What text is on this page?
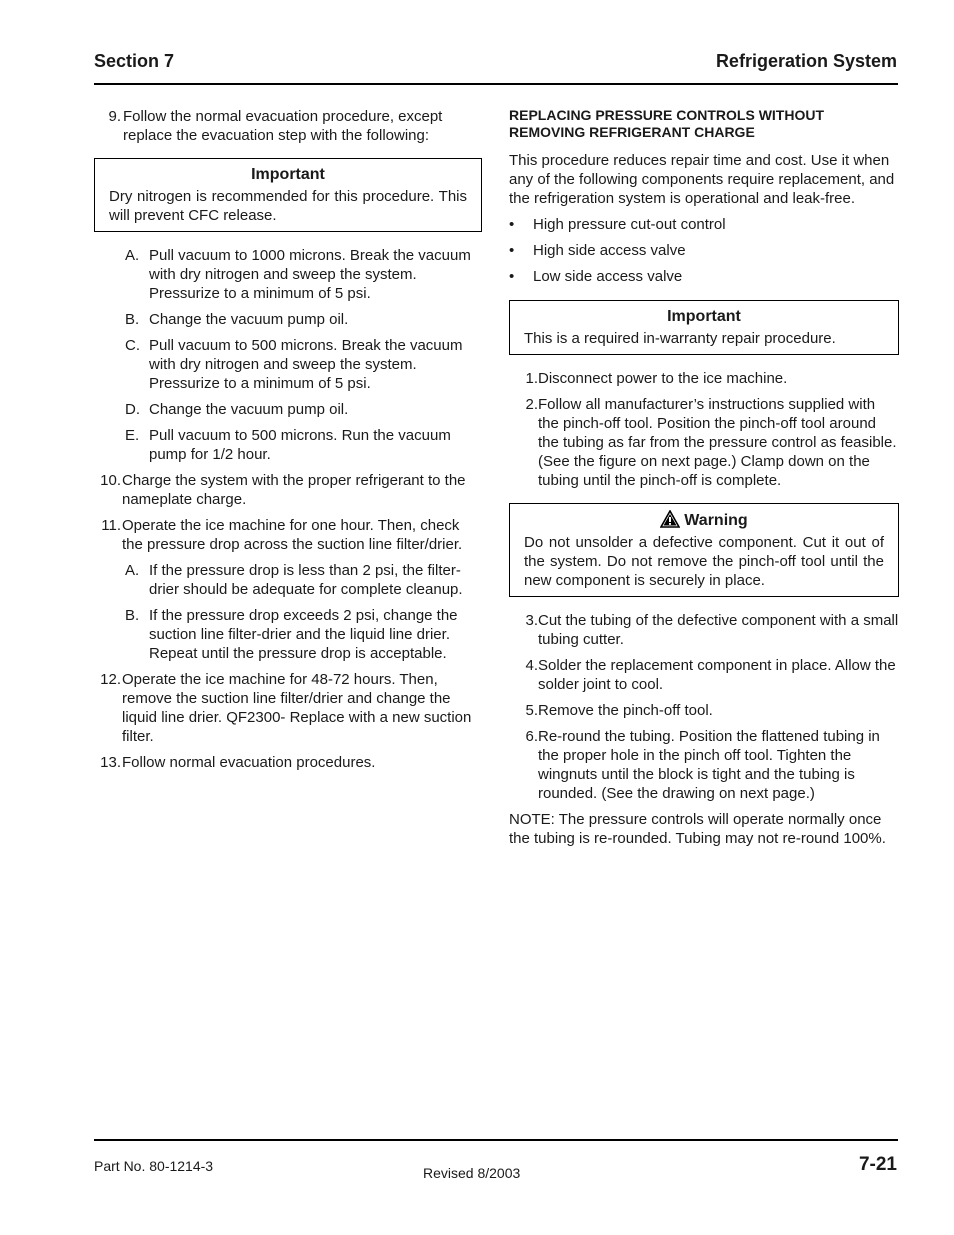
Section 7	Refrigeration System
9. Follow the normal evacuation procedure, except replace the evacuation step with the following:
Important
Dry nitrogen is recommended for this procedure. This will prevent CFC release.
A. Pull vacuum to 1000 microns. Break the vacuum with dry nitrogen and sweep the system. Pressurize to a minimum of 5 psi.
B. Change the vacuum pump oil.
C. Pull vacuum to 500 microns. Break the vacuum with dry nitrogen and sweep the system. Pressurize to a minimum of 5 psi.
D. Change the vacuum pump oil.
E. Pull vacuum to 500 microns. Run the vacuum pump for 1/2 hour.
10. Charge the system with the proper refrigerant to the nameplate charge.
11. Operate the ice machine for one hour. Then, check the pressure drop across the suction line filter/drier.
A. If the pressure drop is less than 2 psi, the filter-drier should be adequate for complete cleanup.
B. If the pressure drop exceeds 2 psi, change the suction line filter-drier and the liquid line drier. Repeat until the pressure drop is acceptable.
12. Operate the ice machine for 48-72 hours. Then, remove the suction line filter/drier and change the liquid line drier. QF2300- Replace with a new suction filter.
13. Follow normal evacuation procedures.
REPLACING PRESSURE CONTROLS WITHOUT REMOVING REFRIGERANT CHARGE
This procedure reduces repair time and cost. Use it when any of the following components require replacement, and the refrigeration system is operational and leak-free.
•	High pressure cut-out control
•	High side access valve
•	Low side access valve
Important
This is a required in-warranty repair procedure.
1. Disconnect power to the ice machine.
2. Follow all manufacturer’s instructions supplied with the pinch-off tool. Position the pinch-off tool around the tubing as far from the pressure control as feasible. (See the figure on next page.) Clamp down on the tubing until the pinch-off is complete.
Warning
Do not unsolder a defective component. Cut it out of the system. Do not remove the pinch-off tool until the new component is securely in place.
3. Cut the tubing of the defective component with a small tubing cutter.
4. Solder the replacement component in place. Allow the solder joint to cool.
5. Remove the pinch-off tool.
6. Re-round the tubing. Position the flattened tubing in the proper hole in the pinch off tool. Tighten the wingnuts until the block is tight and the tubing is rounded. (See the drawing on next page.)
NOTE: The pressure controls will operate normally once the tubing is re-rounded. Tubing may not re-round 100%.
Part No. 80-1214-3	Revised 8/2003	7-21
